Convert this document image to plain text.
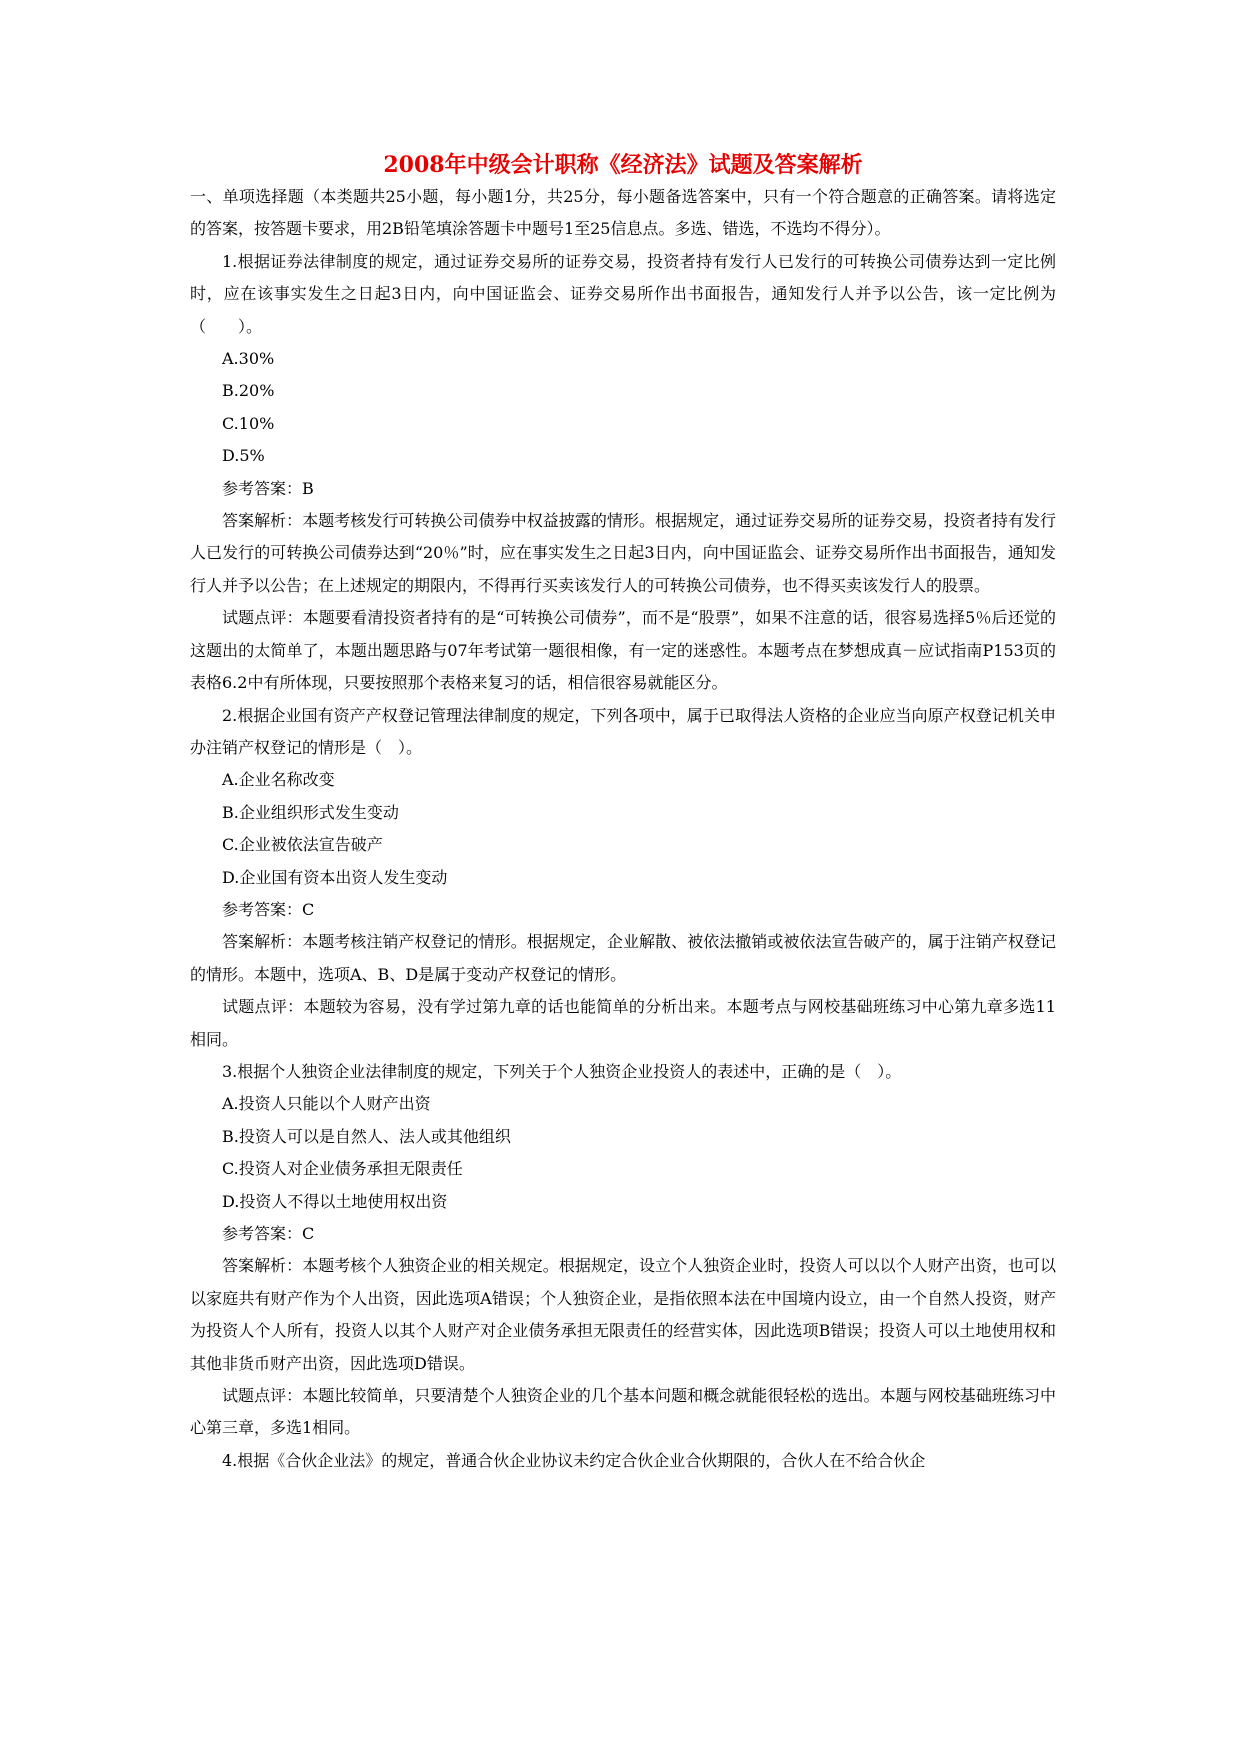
2008年中级会计职称《经济法》试题及答案解析

一、单项选择题（本类题共25小题，每小题1分，共25分，每小题备选答案中，只有一个符合题意的正确答案。请将选定的答案，按答题卡要求，用2B铅笔填涂答题卡中题号1至25信息点。多选、错选，不选均不得分）。

1.根据证券法律制度的规定，通过证券交易所的证券交易，投资者持有发行人已发行的可转换公司债券达到一定比例时，应在该事实发生之日起3日内，向中国证监会、证券交易所作出书面报告，通知发行人并予以公告，该一定比例为（　　）。

A.30%

B.20%

C.10%

D.5%

参考答案：B

答案解析：本题考核发行可转换公司债券中权益披露的情形。根据规定，通过证券交易所的证券交易，投资者持有发行人已发行的可转换公司债券达到“20％”时，应在事实发生之日起3日内，向中国证监会、证券交易所作出书面报告，通知发行人并予以公告；在上述规定的期限内，不得再行买卖该发行人的可转换公司债券，也不得买卖该发行人的股票。

试题点评：本题要看清投资者持有的是“可转换公司债券”，而不是“股票”，如果不注意的话，很容易选择5％后还觉的这题出的太简单了，本题出题思路与07年考试第一题很相像，有一定的迷惑性。本题考点在梦想成真－应试指南P153页的表格6.2中有所体现，只要按照那个表格来复习的话，相信很容易就能区分。

2.根据企业国有资产产权登记管理法律制度的规定，下列各项中，属于已取得法人资格的企业应当向原产权登记机关申办注销产权登记的情形是（　）。

A.企业名称改变

B.企业组织形式发生变动

C.企业被依法宣告破产

D.企业国有资本出资人发生变动

参考答案：C

答案解析：本题考核注销产权登记的情形。根据规定，企业解散、被依法撤销或被依法宣告破产的，属于注销产权登记的情形。本题中，选项A、B、D是属于变动产权登记的情形。

试题点评：本题较为容易，没有学过第九章的话也能简单的分析出来。本题考点与网校基础班练习中心第九章多选11相同。

3.根据个人独资企业法律制度的规定，下列关于个人独资企业投资人的表述中，正确的是（　）。

A.投资人只能以个人财产出资

B.投资人可以是自然人、法人或其他组织

C.投资人对企业债务承担无限责任

D.投资人不得以土地使用权出资

参考答案：C

答案解析：本题考核个人独资企业的相关规定。根据规定，设立个人独资企业时，投资人可以以个人财产出资，也可以以家庭共有财产作为个人出资，因此选项A错误；个人独资企业，是指依照本法在中国境内设立，由一个自然人投资，财产为投资人个人所有，投资人以其个人财产对企业债务承担无限责任的经营实体，因此选项B错误；投资人可以土地使用权和其他非货币财产出资，因此选项D错误。

试题点评：本题比较简单，只要清楚个人独资企业的几个基本问题和概念就能很轻松的选出。本题与网校基础班练习中心第三章，多选1相同。

4.根据《合伙企业法》的规定，普通合伙企业协议未约定合伙企业合伙期限的，合伙人在不给合伙企
